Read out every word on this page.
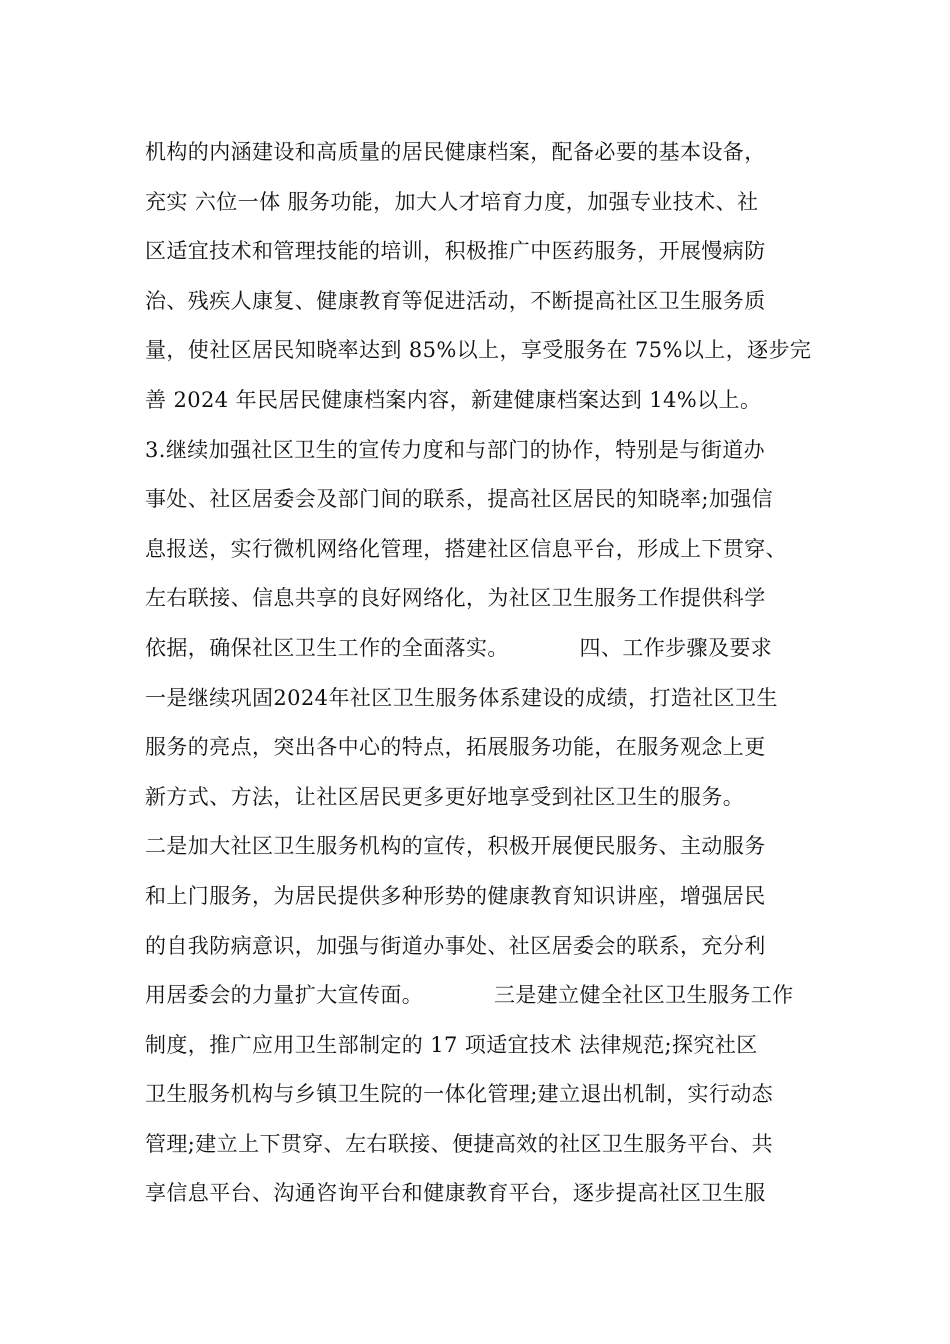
机构的内涵建设和高质量的居民健康档案，配备必要的基本设备，
充实 六位一体 服务功能，加大人才培育力度，加强专业技术、社
区适宜技术和管理技能的培训，积极推广中医药服务，开展慢病防
治、残疾人康复、健康教育等促进活动，不断提高社区卫生服务质
量，使社区居民知晓率达到 85%以上，享受服务在 75%以上，逐步完
善 2024 年民居民健康档案内容，新建健康档案达到 14%以上。
3.继续加强社区卫生的宣传力度和与部门的协作，特别是与街道办
事处、社区居委会及部门间的联系，提高社区居民的知晓率;加强信
息报送，实行微机网络化管理，搭建社区信息平台，形成上下贯穿、
左右联接、信息共享的良好网络化，为社区卫生服务工作提供科学
依据，确保社区卫生工作的全面落实。          四、工作步骤及要求
一是继续巩固2024年社区卫生服务体系建设的成绩，打造社区卫生
服务的亮点，突出各中心的特点，拓展服务功能，在服务观念上更
新方式、方法，让社区居民更多更好地享受到社区卫生的服务。
二是加大社区卫生服务机构的宣传，积极开展便民服务、主动服务
和上门服务，为居民提供多种形势的健康教育知识讲座，增强居民
的自我防病意识，加强与街道办事处、社区居委会的联系，充分利
用居委会的力量扩大宣传面。          三是建立健全社区卫生服务工作
制度，推广应用卫生部制定的 17 项适宜技术 法律规范;探究社区
卫生服务机构与乡镇卫生院的一体化管理;建立退出机制，实行动态
管理;建立上下贯穿、左右联接、便捷高效的社区卫生服务平台、共
享信息平台、沟通咨询平台和健康教育平台，逐步提高社区卫生服
